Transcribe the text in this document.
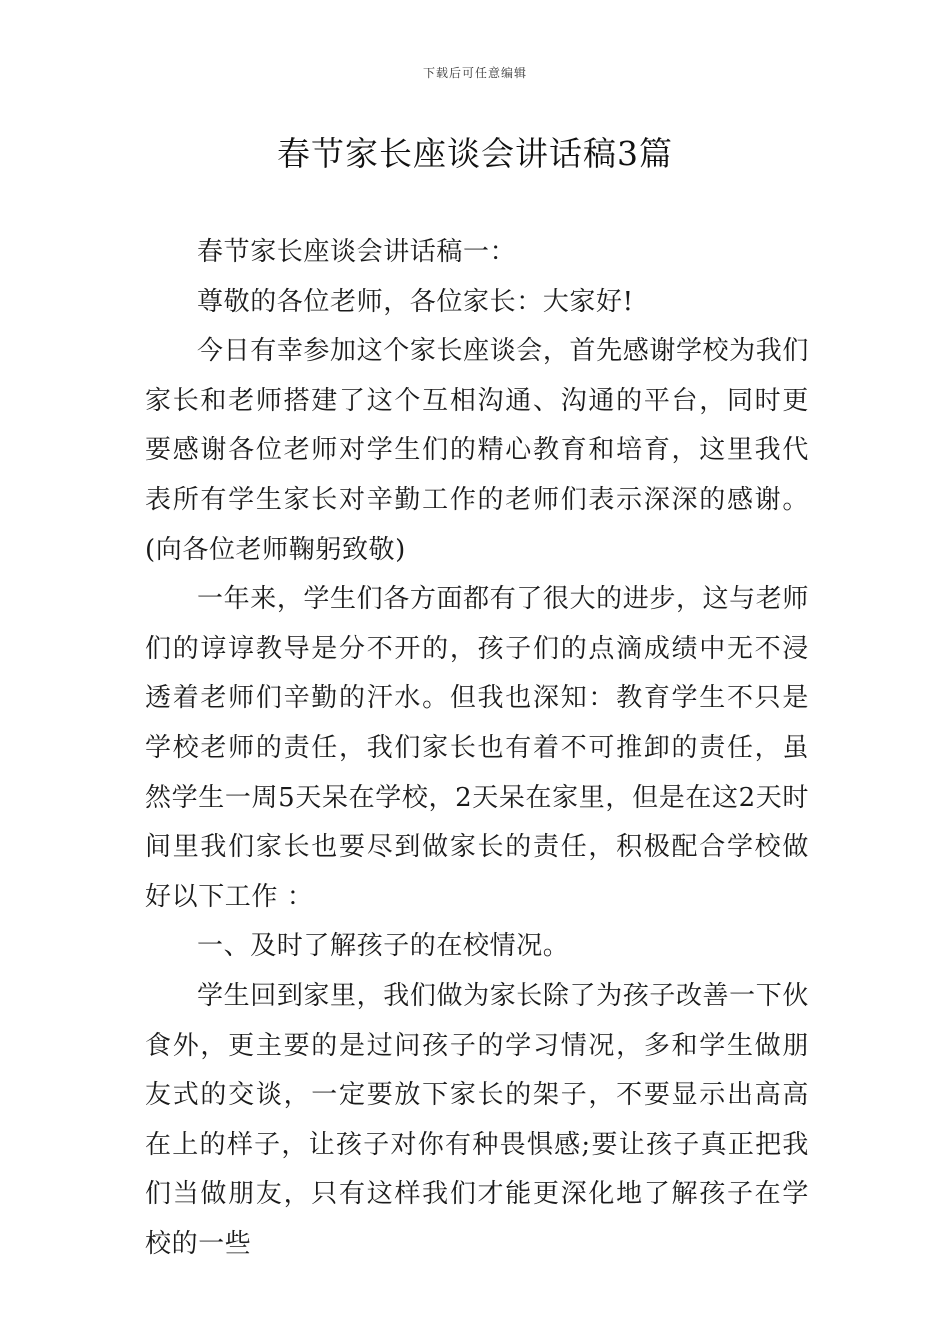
下载后可任意编辑
春节家长座谈会讲话稿3篇

春节家长座谈会讲话稿一：

尊敬的各位老师，各位家长：大家好!

今日有幸参加这个家长座谈会，首先感谢学校为我们家长和老师搭建了这个互相沟通、沟通的平台，同时更要感谢各位老师对学生们的精心教育和培育，这里我代表所有学生家长对辛勤工作的老师们表示深深的感谢。(向各位老师鞠躬致敬)

一年来，学生们各方面都有了很大的进步，这与老师们的谆谆教导是分不开的，孩子们的点滴成绩中无不浸透着老师们辛勤的汗水。但我也深知：教育学生不只是学校老师的责任，我们家长也有着不可推卸的责任，虽然学生一周5天呆在学校，2天呆在家里，但是在这2天时间里我们家长也要尽到做家长的责任，积极配合学校做好以下工作 ：

一、及时了解孩子的在校情况。

学生回到家里，我们做为家长除了为孩子改善一下伙食外，更主要的是过问孩子的学习情况，多和学生做朋友式的交谈，一定要放下家长的架子，不要显示出高高在上的样子，让孩子对你有种畏惧感;要让孩子真正把我们当做朋友，只有这样我们才能更深化地了解孩子在学校的一些
